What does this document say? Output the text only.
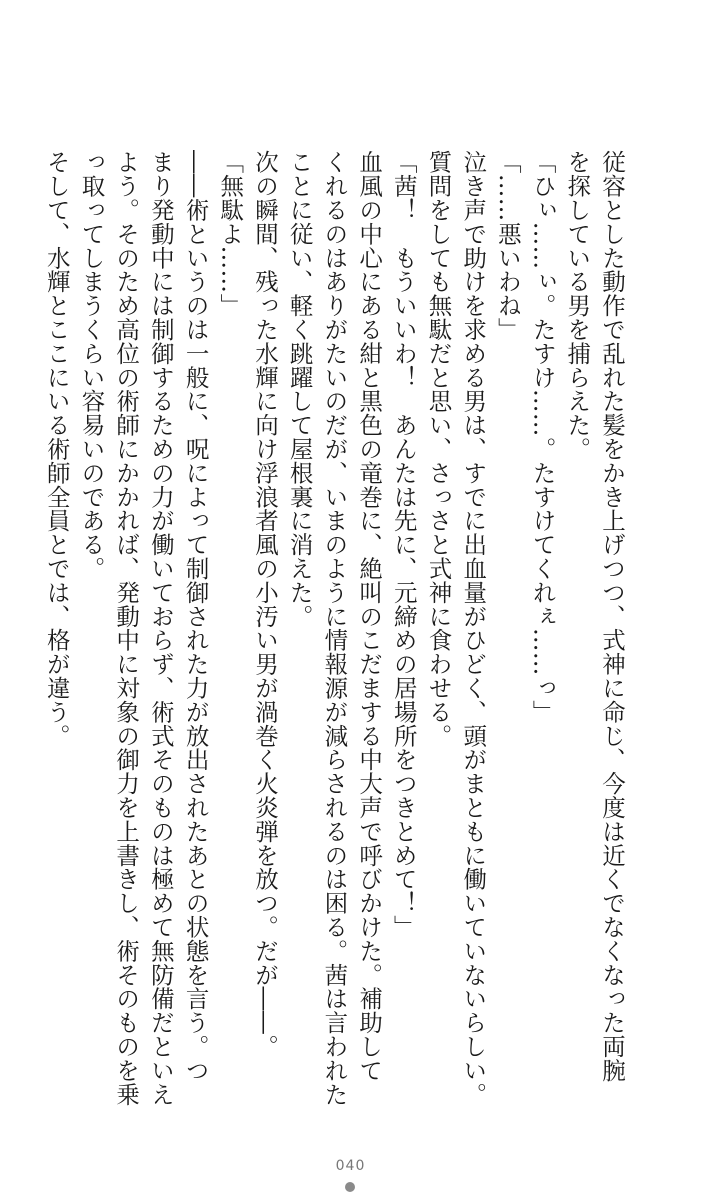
従容とした動作で乱れた髪をかき上げつつ、式神に命じ、今度は近くでなくなった両腕

を探している男を捕らえた。

「ひぃ……ぃ。たすけ……。たすけてくれぇ……っ」

「……悪いわね」

泣き声で助けを求める男は、すでに出血量がひどく、頭がまともに働いていないらしい。

質問をしても無駄だと思い、さっさと式神に食わせる。

「茜！　もういいわ！　あんたは先に、元締めの居場所をつきとめて！」

血風の中心にある紺と黒色の竜巻に、絶叫のこだまする中大声で呼びかけた。補助して

くれるのはありがたいのだが、いまのように情報源が減らされるのは困る。茜は言われた

ことに従い、軽く跳躍して屋根裏に消えた。

次の瞬間、残った水輝に向け浮浪者風の小汚い男が渦巻く火炎弾を放つ。だが――。

「無駄よ……」

――術というのは一般に、呪によって制御された力が放出されたあとの状態を言う。つ

まり発動中には制御するための力が働いておらず、術式そのものは極めて無防備だといえ

よう。そのため高位の術師にかかれば、発動中に対象の御力を上書きし、術そのものを乗

っ取ってしまうくらい容易いのである。

そして、水輝とここにいる術師全員とでは、格が違う。

040
